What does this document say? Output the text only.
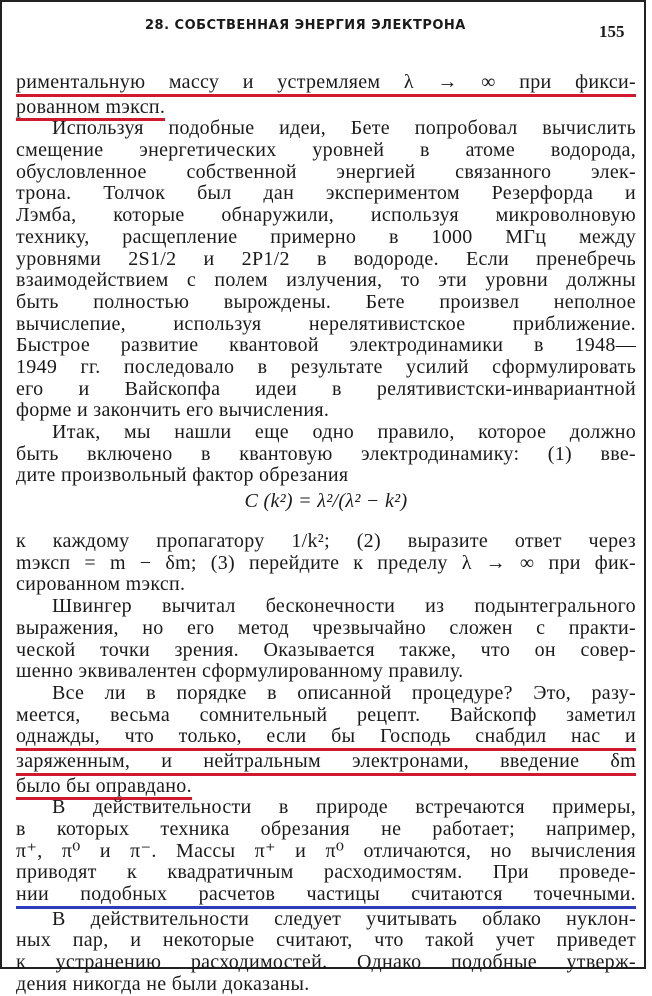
28. СОБСТВЕННАЯ ЭНЕРГИЯ ЭЛЕКТРОНА	155
риментальную массу и устремляем λ → ∞ при фикси-
рованном mэксп.
Используя подобные идеи, Бете попробовал вычислить
смещение энергетических уровней в атоме водорода,
обусловленное собственной энергией связанного элек-
трона. Толчок был дан экспериментом Резерфорда и
Лэмба, которые обнаружили, используя микроволновую
технику, расщепление примерно в 1000 МГц между
уровнями 2S1/2 и 2P1/2 в водороде. Если пренебречь
взаимодействием с полем излучения, то эти уровни должны
быть полностью вырождены. Бете произвел неполное
вычислепие, используя нерелятивистское приближение.
Быстрое развитие квантовой электродинамики в 1948—
1949 гг. последовало в результате усилий сформулировать
его и Вайскопфа идеи в релятивистски-инвариантной
форме и закончить его вычисления.
Итак, мы нашли еще одно правило, которое должно
быть включено в квантовую электродинамику: (1) вве-
дите произвольный фактор обрезания
C (k²) = λ²/(λ² − k²)
к каждому пропагатору 1/k²; (2) выразите ответ через
mэксп = m − δm; (3) перейдите к пределу λ → ∞ при фик-
сированном mэксп.
Швингер вычитал бесконечности из подынтегрального
выражения, но его метод чрезвычайно сложен с практи-
ческой точки зрения. Оказывается также, что он совер-
шенно эквивалентен сформулированному правилу.
Все ли в порядке в описанной процедуре? Это, разу-
меется, весьма сомнительный рецепт. Вайскопф заметил
однажды, что только, если бы Господь снабдил нас и
заряженным, и нейтральным электронами, введение δm
было бы оправдано.
В действительности в природе встречаются примеры,
в которых техника обрезания не работает; например,
π⁺, π⁰ и π⁻. Массы π⁺ и π⁰ отличаются, но вычисления
приводят к квадратичным расходимостям. При проведе-
нии подобных расчетов частицы считаются точечными.
В действительности следует учитывать облако нуклон-
ных пар, и некоторые считают, что такой учет приведет
к устранению расходимостей. Однако подобные утверж-
дения никогда не были доказаны.
